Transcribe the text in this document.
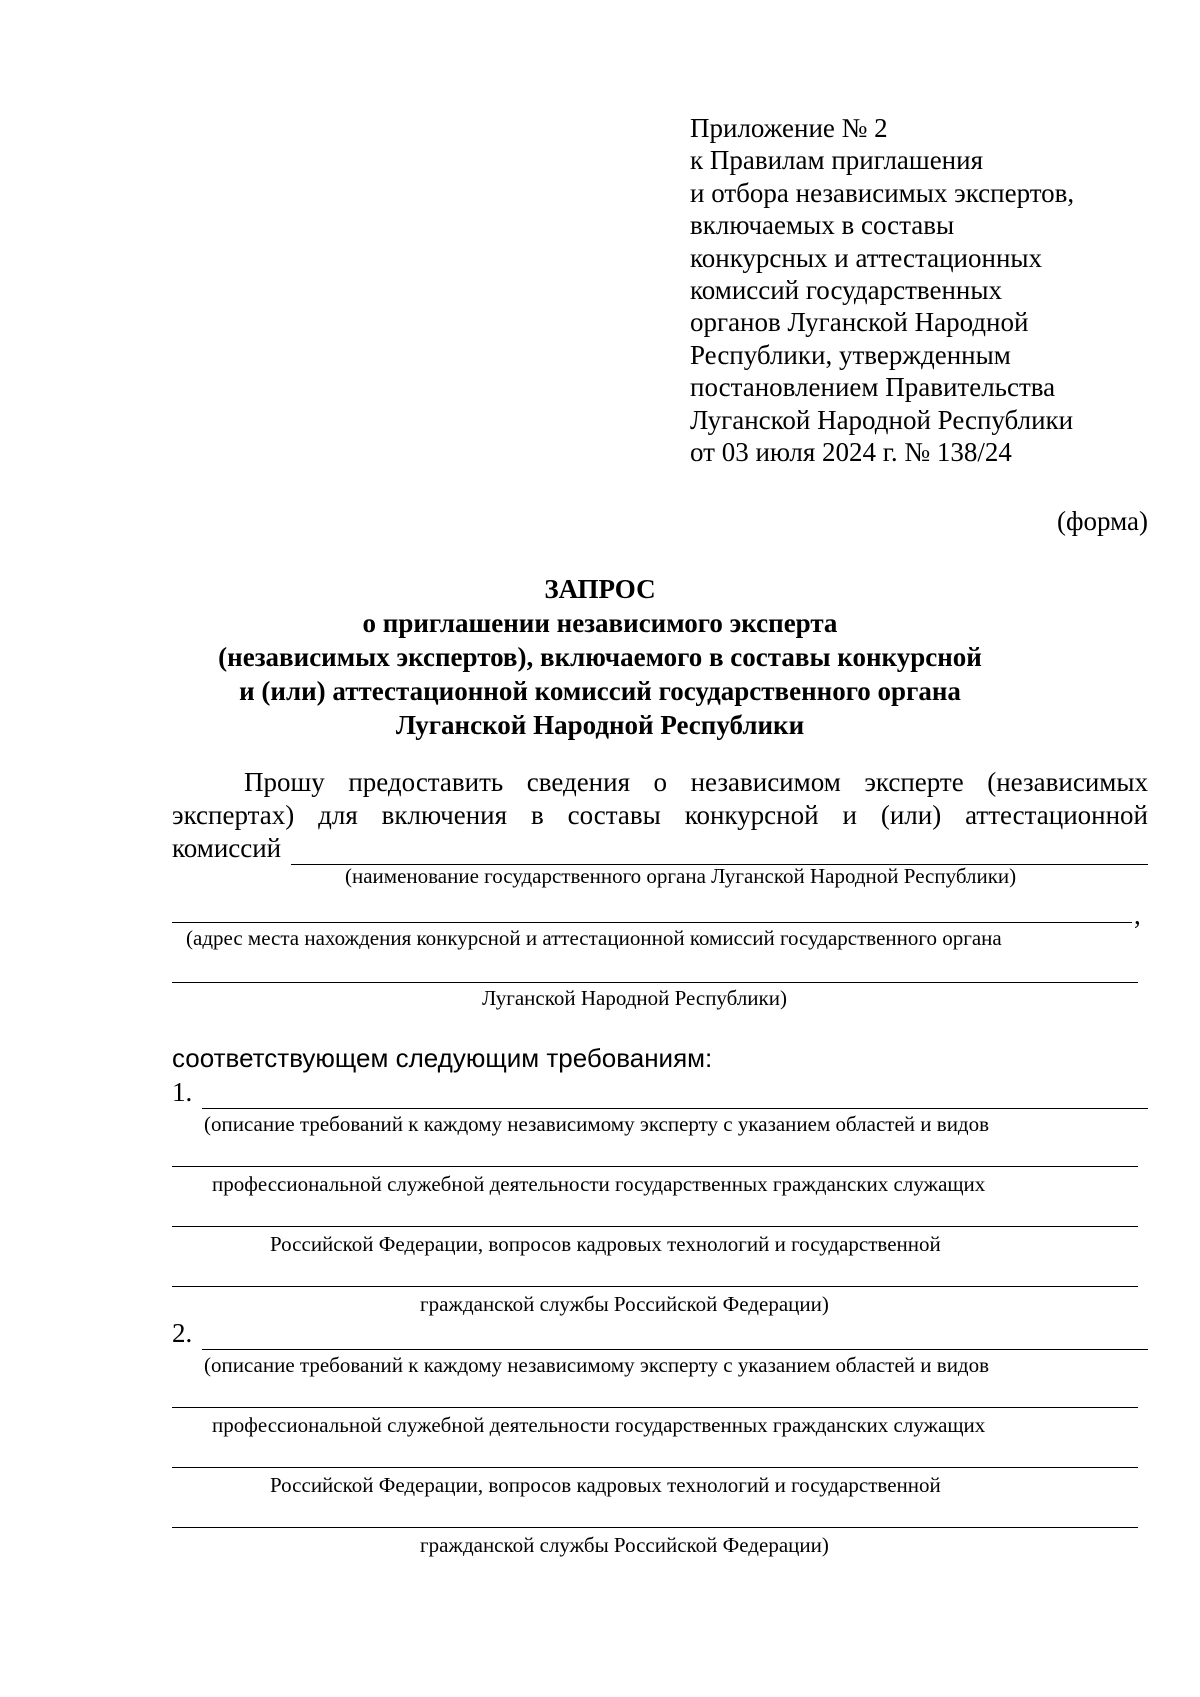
Приложение № 2
к Правилам приглашения
и отбора независимых экспертов,
включаемых в составы
конкурсных и аттестационных
комиссий государственных
органов Луганской Народной
Республики, утвержденным
постановлением Правительства
Луганской Народной Республики
от 03 июля 2024 г. № 138/24
(форма)
ЗАПРОС
о приглашении независимого эксперта
(независимых экспертов), включаемого в составы конкурсной
и (или) аттестационной комиссий государственного органа
Луганской Народной Республики
Прошу предоставить сведения о независимом эксперте (независимых
экспертах) для включения в составы конкурсной и (или) аттестационной
комиссий
(наименование государственного органа Луганской Народной Республики)
,
(адрес места нахождения конкурсной и аттестационной комиссий государственного органа
Луганской Народной Республики)
соответствующем следующим требованиям:
1.
(описание требований к каждому независимому эксперту с указанием областей и видов
профессиональной служебной деятельности государственных гражданских служащих
Российской Федерации, вопросов кадровых технологий и государственной
гражданской службы Российской Федерации)
2.
(описание требований к каждому независимому эксперту с указанием областей и видов
профессиональной служебной деятельности государственных гражданских служащих
Российской Федерации, вопросов кадровых технологий и государственной
гражданской службы Российской Федерации)
